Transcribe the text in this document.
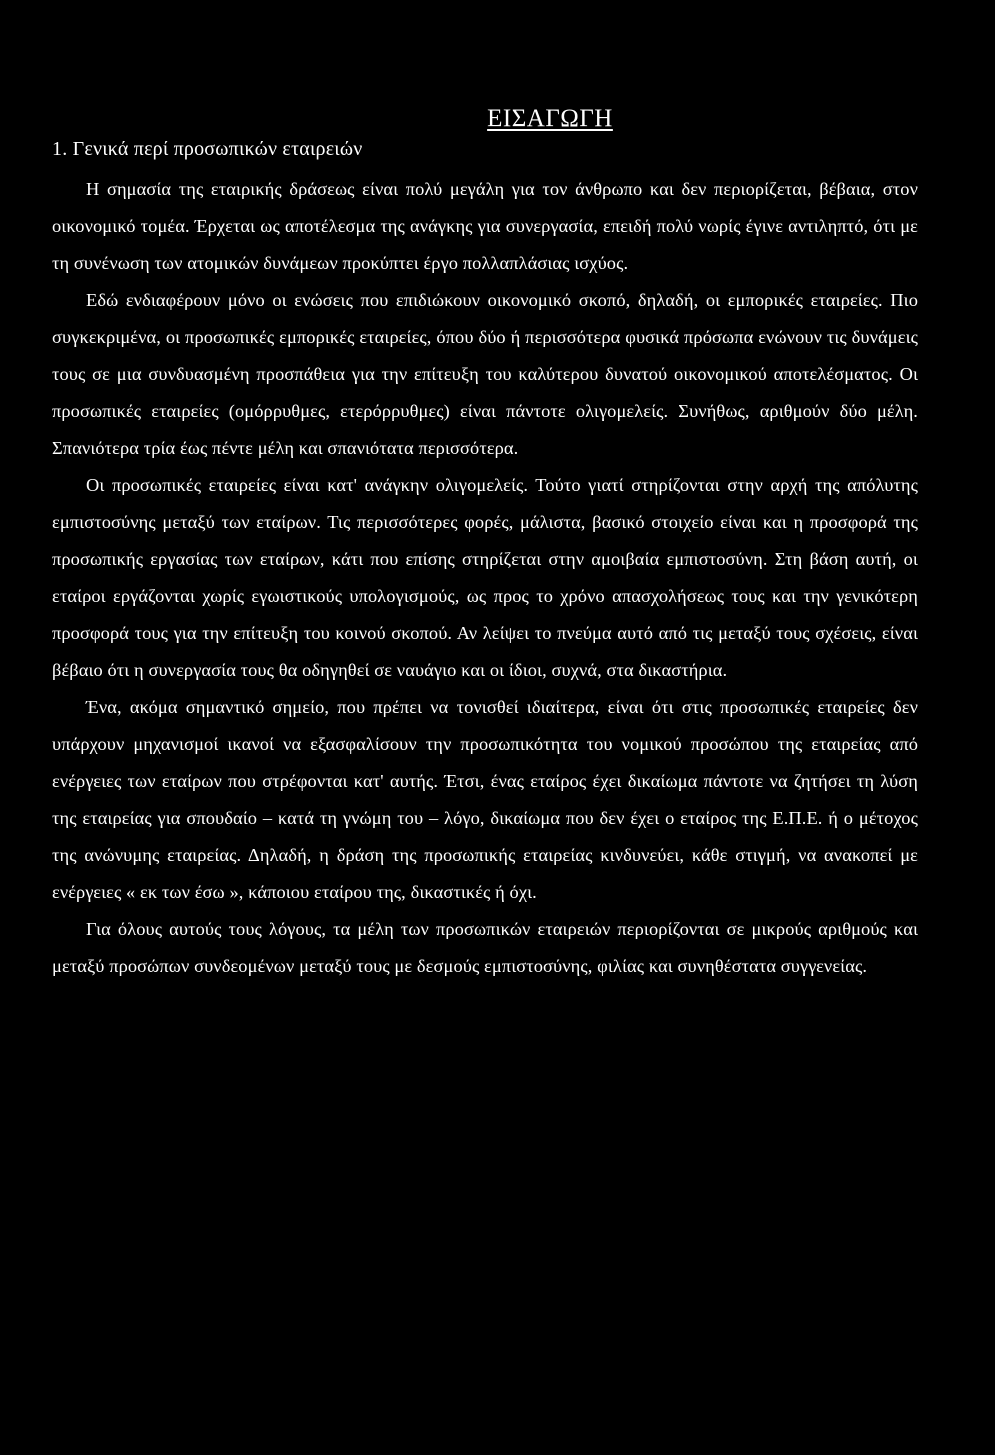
ΕΙΣΑΓΩΓΗ
1. Γενικά περί προσωπικών εταιρειών

Η σημασία της εταιρικής δράσεως είναι πολύ μεγάλη για τον άνθρωπο και δεν περιορίζεται, βέβαια, στον οικονομικό τομέα. Έρχεται ως αποτέλεσμα της ανάγκης για συνεργασία, επειδή πολύ νωρίς έγινε αντιληπτό, ότι με τη συνένωση των ατομικών δυνάμεων προκύπτει έργο πολλαπλάσιας ισχύος.

Εδώ ενδιαφέρουν μόνο οι ενώσεις που επιδιώκουν οικονομικό σκοπό, δηλαδή, οι εμπορικές εταιρείες. Πιο συγκεκριμένα, οι προσωπικές εμπορικές εταιρείες, όπου δύο ή περισσότερα φυσικά πρόσωπα ενώνουν τις δυνάμεις τους σε μια συνδυασμένη προσπάθεια για την επίτευξη του καλύτερου δυνατού οικονομικού αποτελέσματος. Οι προσωπικές εταιρείες (ομόρρυθμες, ετερόρρυθμες) είναι πάντοτε ολιγομελείς. Συνήθως, αριθμούν δύο μέλη. Σπανιότερα τρία έως πέντε μέλη και σπανιότατα περισσότερα.

Οι προσωπικές εταιρείες είναι κατ' ανάγκην ολιγομελείς. Τούτο γιατί στηρίζονται στην αρχή της απόλυτης εμπιστοσύνης μεταξύ των εταίρων. Τις περισσότερες φορές, μάλιστα, βασικό στοιχείο είναι και η προσφορά της προσωπικής εργασίας των εταίρων, κάτι που επίσης στηρίζεται στην αμοιβαία εμπιστοσύνη. Στη βάση αυτή, οι εταίροι εργάζονται χωρίς εγωιστικούς υπολογισμούς, ως προς το χρόνο απασχολήσεως τους και την γενικότερη προσφορά τους για την επίτευξη του κοινού σκοπού. Αν λείψει το πνεύμα αυτό από τις μεταξύ τους σχέσεις, είναι βέβαιο ότι η συνεργασία τους θα οδηγηθεί σε ναυάγιο και οι ίδιοι, συχνά, στα δικαστήρια.

Ένα, ακόμα σημαντικό σημείο, που πρέπει να τονισθεί ιδιαίτερα, είναι ότι στις προσωπικές εταιρείες δεν υπάρχουν μηχανισμοί ικανοί να εξασφαλίσουν την προσωπικότητα του νομικού προσώπου της εταιρείας από ενέργειες των εταίρων που στρέφονται κατ' αυτής. Έτσι, ένας εταίρος έχει δικαίωμα πάντοτε να ζητήσει τη λύση της εταιρείας για σπουδαίο – κατά τη γνώμη του – λόγο, δικαίωμα που δεν έχει ο εταίρος της Ε.Π.Ε. ή ο μέτοχος της ανώνυμης εταιρείας. Δηλαδή, η δράση της προσωπικής εταιρείας κινδυνεύει, κάθε στιγμή, να ανακοπεί με ενέργειες « εκ των έσω », κάποιου εταίρου της, δικαστικές ή όχι.

Για όλους αυτούς τους λόγους, τα μέλη των προσωπικών εταιρειών περιορίζονται σε μικρούς αριθμούς και μεταξύ προσώπων συνδεομένων μεταξύ τους με δεσμούς εμπιστοσύνης, φιλίας και συνηθέστατα συγγενείας.
